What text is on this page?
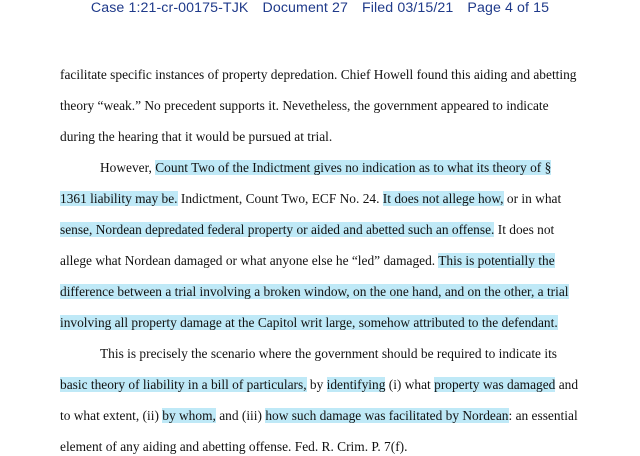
Case 1:21-cr-00175-TJK Document 27 Filed 03/15/21 Page 4 of 15
facilitate specific instances of property depredation. Chief Howell found this aiding and abetting
theory “weak.” No precedent supports it. Nevetheless, the government appeared to indicate
during the hearing that it would be pursued at trial.
However, Count Two of the Indictment gives no indication as to what its theory of §
1361 liability may be. Indictment, Count Two, ECF No. 24. It does not allege how, or in what
sense, Nordean depredated federal property or aided and abetted such an offense. It does not
allege what Nordean damaged or what anyone else he “led” damaged. This is potentially the
difference between a trial involving a broken window, on the one hand, and on the other, a trial
involving all property damage at the Capitol writ large, somehow attributed to the defendant.
This is precisely the scenario where the government should be required to indicate its
basic theory of liability in a bill of particulars, by identifying (i) what property was damaged and
to what extent, (ii) by whom, and (iii) how such damage was facilitated by Nordean: an essential
element of any aiding and abetting offense. Fed. R. Crim. P. 7(f).
